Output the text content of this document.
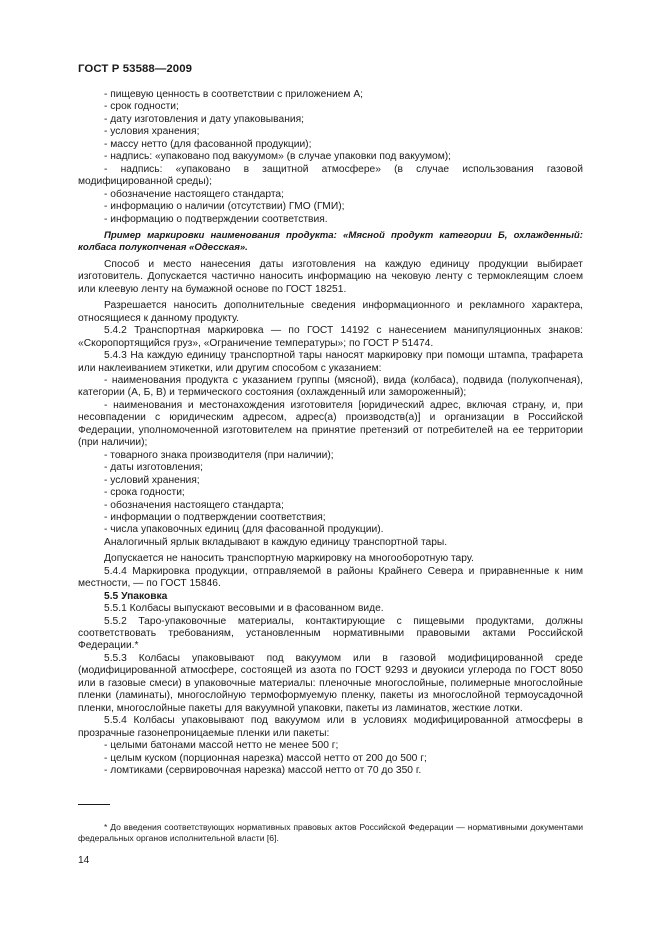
ГОСТ Р 53588—2009

- пищевую ценность в соответствии с приложением А;

- срок годности;

- дату изготовления и дату упаковывания;

- условия хранения;

- массу нетто (для фасованной продукции);

- надпись: «упаковано под вакуумом» (в случае упаковки под вакуумом);

- надпись: «упаковано в защитной атмосфере» (в случае использования газовой модифицированной среды);

- обозначение настоящего стандарта;

- информацию о наличии (отсутствии) ГМО (ГМИ);

- информацию о подтверждении соответствия.

Пример маркировки наименования продукта: «Мясной продукт категории Б, охлажденный: колбаса полукопченая «Одесская».

Способ и место нанесения даты изготовления на каждую единицу продукции выбирает изготовитель. Допускается частично наносить информацию на чековую ленту с термоклеящим слоем или клеевую ленту на бумажной основе по ГОСТ 18251.

Разрешается наносить дополнительные сведения информационного и рекламного характера, относящиеся к данному продукту.

5.4.2 Транспортная маркировка — по ГОСТ 14192 с нанесением манипуляционных знаков: «Скоропортящийся груз», «Ограничение температуры»; по ГОСТ Р 51474.

5.4.3 На каждую единицу транспортной тары наносят маркировку при помощи штампа, трафарета или наклеиванием этикетки, или другим способом с указанием:

- наименования продукта с указанием группы (мясной), вида (колбаса), подвида (полукопченая), категории (А, Б, В) и термического состояния (охлажденный или замороженный);

- наименования и местонахождения изготовителя [юридический адрес, включая страну, и, при несовпадении с юридическим адресом, адрес(а) производств(а)] и организации в Российской Федерации, уполномоченной изготовителем на принятие претензий от потребителей на ее территории (при наличии);

- товарного знака производителя (при наличии);

- даты изготовления;

- условий хранения;

- срока годности;

- обозначения настоящего стандарта;

- информации о подтверждении соответствия;

- числа упаковочных единиц (для фасованной продукции).

Аналогичный ярлык вкладывают в каждую единицу транспортной тары.

Допускается не наносить транспортную маркировку на многооборотную тару.

5.4.4 Маркировка продукции, отправляемой в районы Крайнего Севера и приравненные к ним местности, — по ГОСТ 15846.

5.5 Упаковка

5.5.1 Колбасы выпускают весовыми и в фасованном виде.

5.5.2 Таро-упаковочные материалы, контактирующие с пищевыми продуктами, должны соответствовать требованиям, установленным нормативными правовыми актами Российской Федерации.*

5.5.3 Колбасы упаковывают под вакуумом или в газовой модифицированной среде (модифицированной атмосфере, состоящей из азота по ГОСТ 9293 и двуокиси углерода по ГОСТ 8050 или в газовые смеси) в упаковочные материалы: пленочные многослойные, полимерные многослойные пленки (ламинаты), многослойную термоформуемую пленку, пакеты из многослойной термоусадочной пленки, многослойные пакеты для вакуумной упаковки, пакеты из ламинатов, жесткие лотки.

5.5.4 Колбасы упаковывают под вакуумом или в условиях модифицированной атмосферы в прозрачные газонепроницаемые пленки или пакеты:

- целыми батонами массой нетто не менее 500 г;

- целым куском (порционная нарезка) массой нетто от 200 до 500 г;

- ломтиками (сервировочная нарезка) массой нетто от 70 до 350 г.

* До введения соответствующих нормативных правовых актов Российской Федерации — нормативными документами федеральных органов исполнительной власти [6].

14
